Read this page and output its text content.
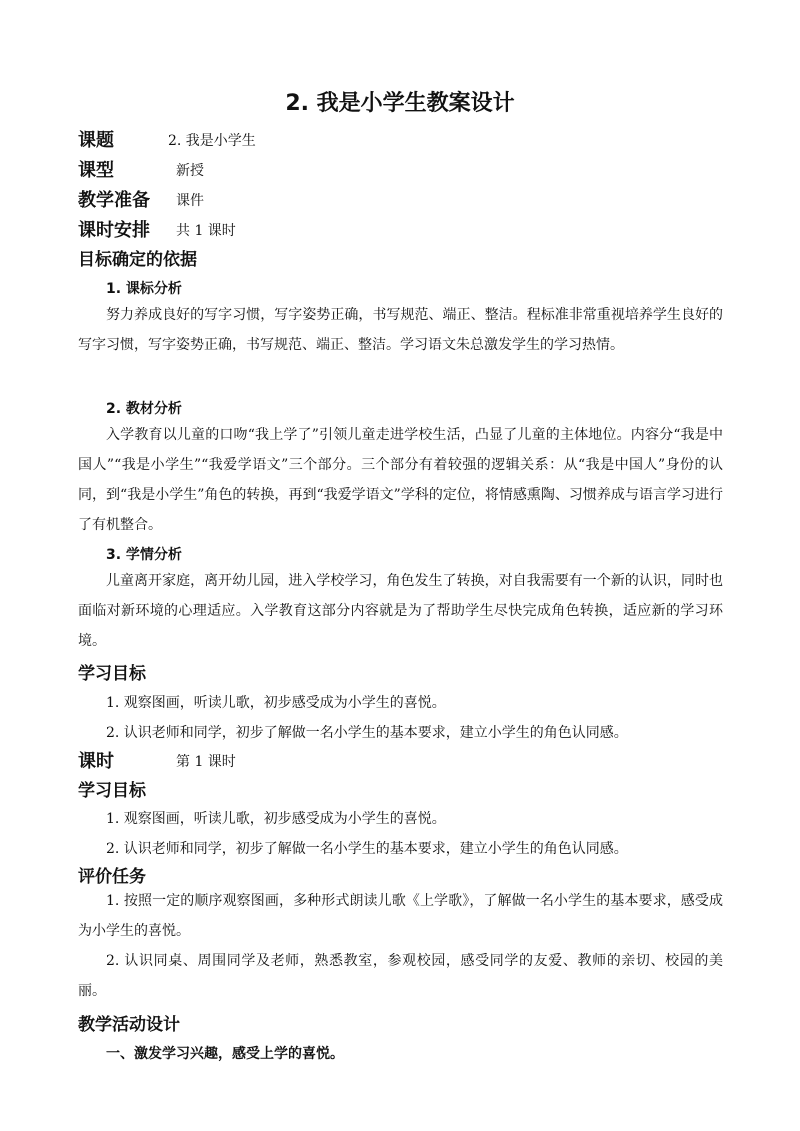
2. 我是小学生教案设计
课题	2. 我是小学生
课型	新授
教学准备 课件
课时安排 共 1 课时
目标确定的依据
1. 课标分析
努力养成良好的写字习惯，写字姿势正确，书写规范、端正、整洁。程标准非常重视培养学生良好的写字习惯，写字姿势正确，书写规范、端正、整洁。学习语文朱总激发学生的学习热情。
2. 教材分析
入学教育以儿童的口吻“我上学了”引领儿童走进学校生活，凸显了儿童的主体地位。内容分“我是中国人”“我是小学生”“我爱学语文”三个部分。三个部分有着较强的逻辑关系：从“我是中国人”身份的认同，到“我是小学生”角色的转换，再到“我爱学语文”学科的定位，将情感熏陶、习惯养成与语言学习进行了有机整合。
3. 学情分析
儿童离开家庭，离开幼儿园，进入学校学习，角色发生了转换，对自我需要有一个新的认识，同时也面临对新环境的心理适应。入学教育这部分内容就是为了帮助学生尽快完成角色转换，适应新的学习环境。
学习目标
1. 观察图画，听读儿歌，初步感受成为小学生的喜悦。
2. 认识老师和同学，初步了解做一名小学生的基本要求，建立小学生的角色认同感。
课时	第 1 课时
学习目标
1. 观察图画，听读儿歌，初步感受成为小学生的喜悦。
2. 认识老师和同学，初步了解做一名小学生的基本要求，建立小学生的角色认同感。
评价任务
1. 按照一定的顺序观察图画，多种形式朗读儿歌《上学歌》，了解做一名小学生的基本要求，感受成为小学生的喜悦。
2. 认识同桌、周围同学及老师，熟悉教室，参观校园，感受同学的友爱、教师的亲切、校园的美丽。
教学活动设计
一、激发学习兴趣，感受上学的喜悦。
